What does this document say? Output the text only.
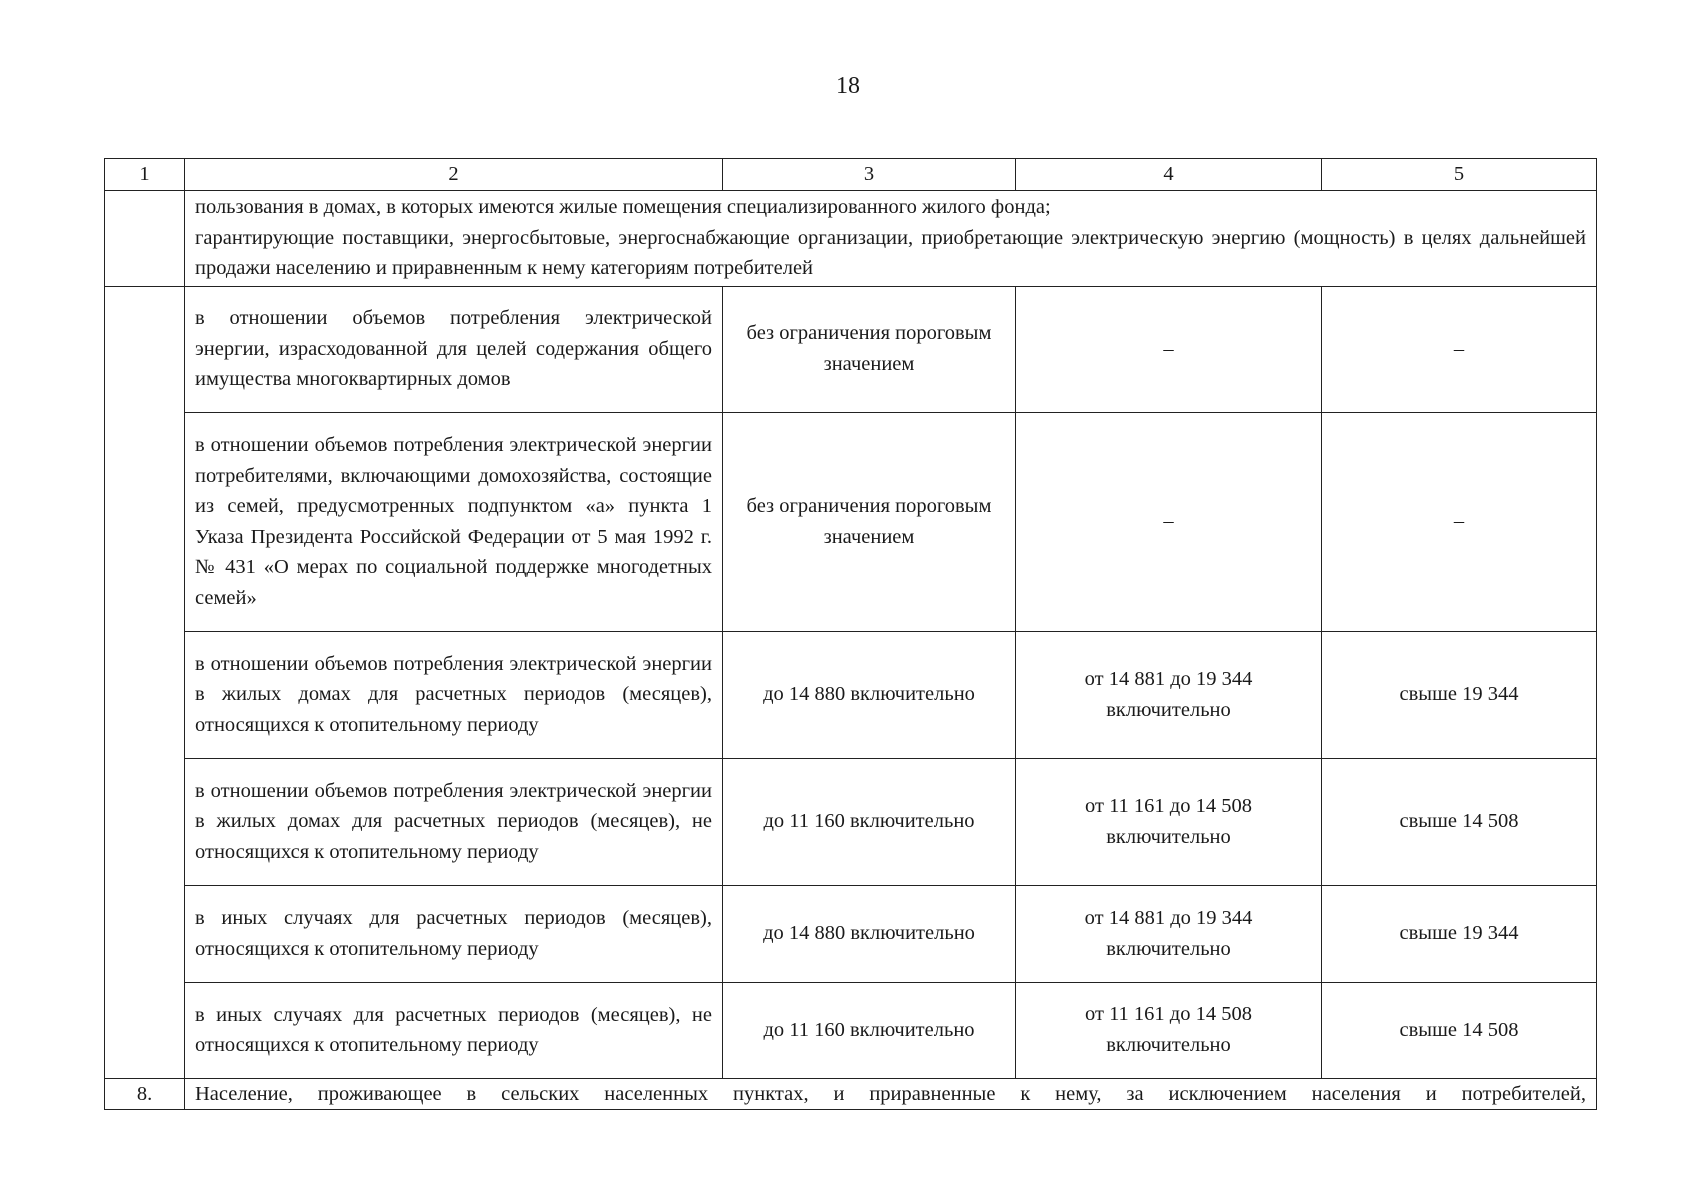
18
1	2	3	4	5

	пользования в домах, в которых имеются жилые помещения специализированного жилого фонда;
гарантирующие поставщики, энергосбытовые, энергоснабжающие организации, приобретающие электрическую энергию (мощность) в целях дальнейшей продажи населению и приравненным к нему категориям потребителей			

	в отношении объемов потребления электрической энергии, израсходованной для целей содержания общего имущества многоквартирных домов	без ограничения пороговым значением	–	–
	в отношении объемов потребления электрической энергии потребителями, включающими домохозяйства, состоящие из семей, предусмотренных подпунктом «а» пункта 1 Указа Президента Российской Федерации от 5 мая 1992 г. № 431 «О мерах по социальной поддержке многодетных семей»	без ограничения пороговым значением	–	–
	в отношении объемов потребления электрической энергии в жилых домах для расчетных периодов (месяцев), относящихся к отопительному периоду	до 14 880 включительно	от 14 881 до 19 344 включительно	свыше 19 344
	в отношении объемов потребления электрической энергии в жилых домах для расчетных периодов (месяцев), не относящихся к отопительному периоду	до 11 160 включительно	от 11 161 до 14 508 включительно	свыше 14 508
	в иных случаях для расчетных периодов (месяцев), относящихся к отопительному периоду	до 14 880 включительно	от 14 881 до 19 344 включительно	свыше 19 344
	в иных случаях для расчетных периодов (месяцев), не относящихся к отопительному периоду	до 11 160 включительно	от 11 161 до 14 508 включительно	свыше 14 508
8.	Население, проживающее в сельских населенных пунктах, и приравненные к нему, за исключением населения и потребителей,			
